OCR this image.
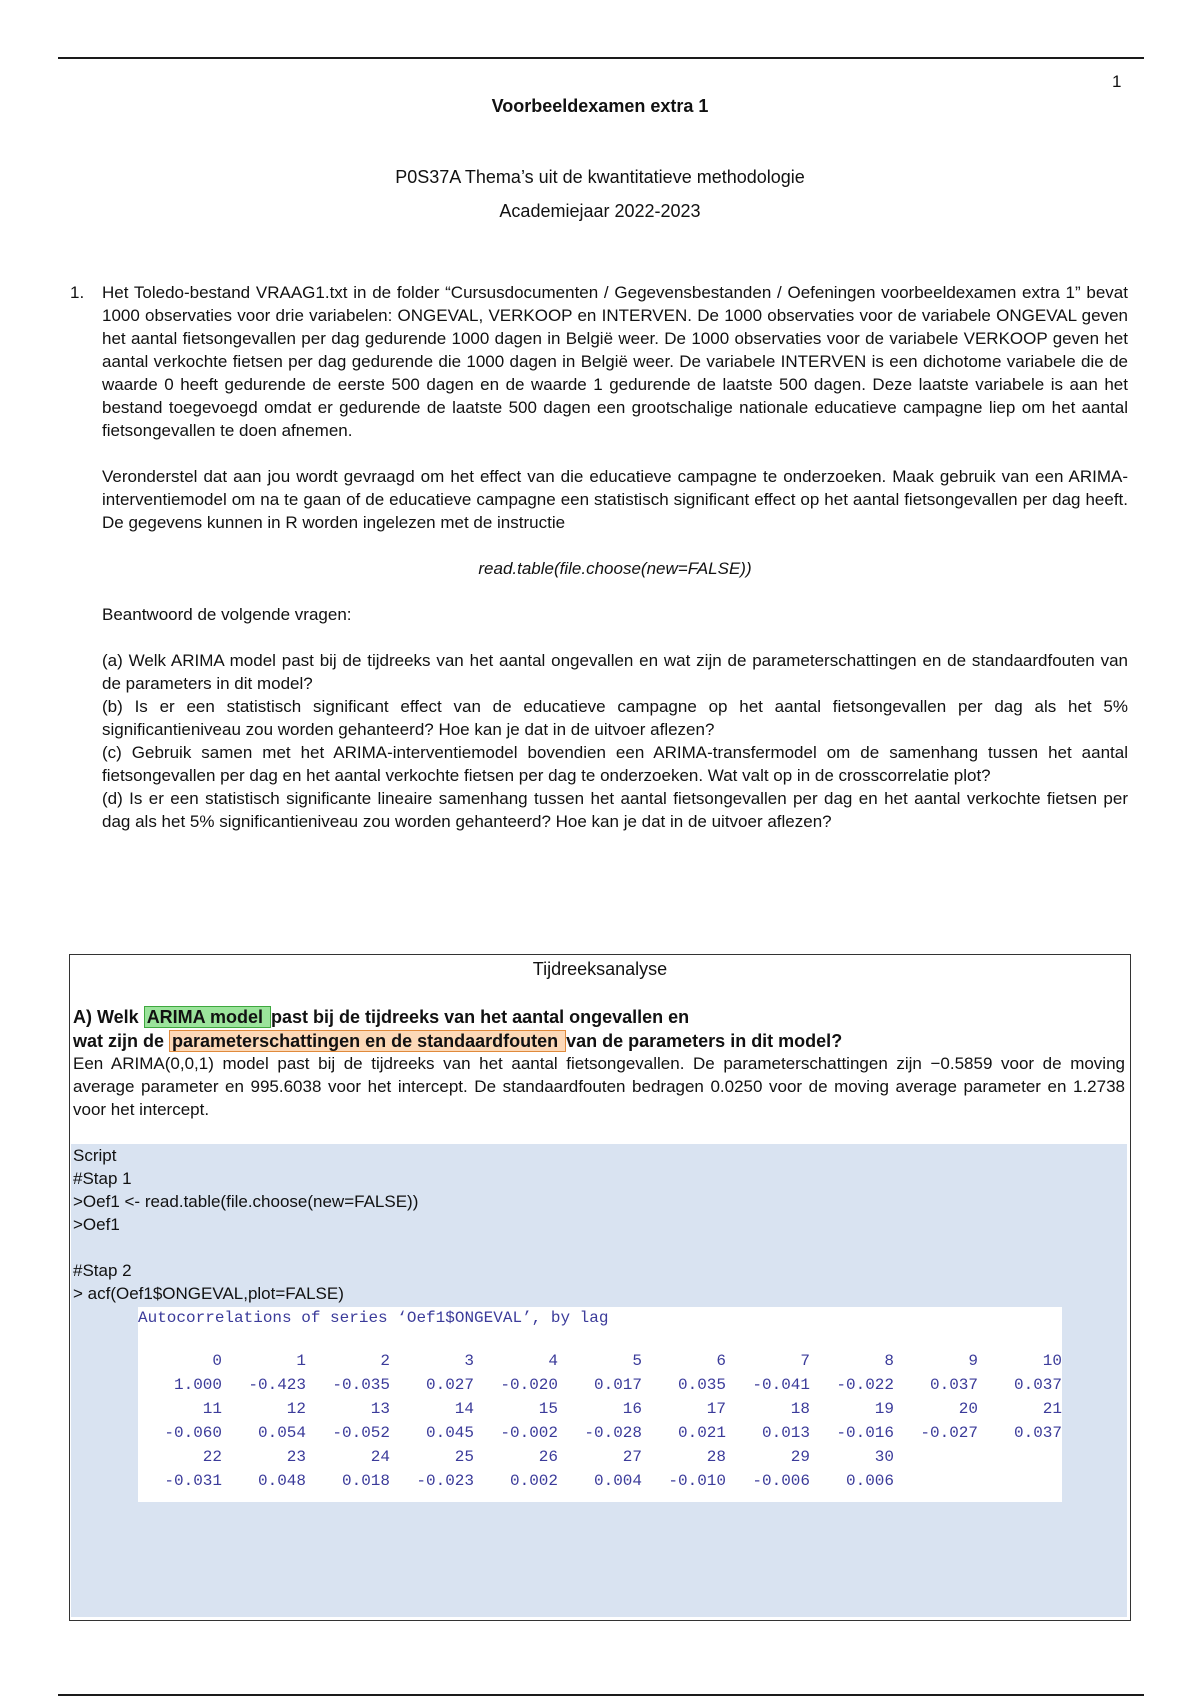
1
Voorbeeldexamen extra 1
P0S37A Thema’s uit de kwantitatieve methodologie
Academiejaar 2022-2023
1. Het Toledo-bestand VRAAG1.txt in de folder “Cursusdocumenten / Gegevensbestanden / Oefeningen voorbeeldexamen extra 1” bevat 1000 observaties voor drie variabelen: ONGEVAL, VERKOOP en INTERVEN. De 1000 observaties voor de variabele ONGEVAL geven het aantal fietsongevallen per dag gedurende 1000 dagen in België weer. De 1000 observaties voor de variabele VERKOOP geven het aantal verkochte fietsen per dag gedurende die 1000 dagen in België weer. De variabele INTERVEN is een dichotome variabele die de waarde 0 heeft gedurende de eerste 500 dagen en de waarde 1 gedurende de laatste 500 dagen. Deze laatste variabele is aan het bestand toegevoegd omdat er gedurende de laatste 500 dagen een grootschalige nationale educatieve campagne liep om het aantal fietsongevallen te doen afnemen.

Veronderstel dat aan jou wordt gevraagd om het effect van die educatieve campagne te onderzoeken. Maak gebruik van een ARIMA-interventiemodel om na te gaan of de educatieve campagne een statistisch significant effect op het aantal fietsongevallen per dag heeft. De gegevens kunnen in R worden ingelezen met de instructie

read.table(file.choose(new=FALSE))

Beantwoord de volgende vragen:

(a) Welk ARIMA model past bij de tijdreeks van het aantal ongevallen en wat zijn de parameterschattingen en de standaardfouten van de parameters in dit model?

(b) Is er een statistisch significant effect van de educatieve campagne op het aantal fietsongevallen per dag als het 5% significantieniveau zou worden gehanteerd? Hoe kan je dat in de uitvoer aflezen?

(c) Gebruik samen met het ARIMA-interventiemodel bovendien een ARIMA-transfermodel om de samenhang tussen het aantal fietsongevallen per dag en het aantal verkochte fietsen per dag te onderzoeken. Wat valt op in de crosscorrelatie plot?

(d) Is er een statistisch significante lineaire samenhang tussen het aantal fietsongevallen per dag en het aantal verkochte fietsen per dag als het 5% significantieniveau zou worden gehanteerd? Hoe kan je dat in de uitvoer aflezen?

Tijdreeksanalyse
A) Welk ARIMA model past bij de tijdreeks van het aantal ongevallen en
wat zijn de parameterschattingen en de standaardfouten van de parameters in dit model?
Een ARIMA(0,0,1) model past bij de tijdreeks van het aantal fietsongevallen. De parameterschattingen zijn −0.5859 voor de moving average parameter en 995.6038 voor het intercept. De standaardfouten bedragen 0.0250 voor de moving average parameter en 1.2738 voor het intercept.
Script
#Stap 1
>Oef1 <- read.table(file.choose(new=FALSE))
>Oef1

#Stap 2
> acf(Oef1$ONGEVAL,plot=FALSE)
Autocorrelations of series ‘Oef1$ONGEVAL’, by lag
0	1	2	3	4	5	6	7	8	9	10
1.000	-0.423	-0.035	0.027	-0.020	0.017	0.035	-0.041	-0.022	0.037	0.037
11	12	13	14	15	16	17	18	19	20	21
-0.060	0.054	-0.052	0.045	-0.002	-0.028	0.021	0.013	-0.016	-0.027	0.037
22	23	24	25	26	27	28	29	30		
-0.031	0.048	0.018	-0.023	0.002	0.004	-0.010	-0.006	0.006		
